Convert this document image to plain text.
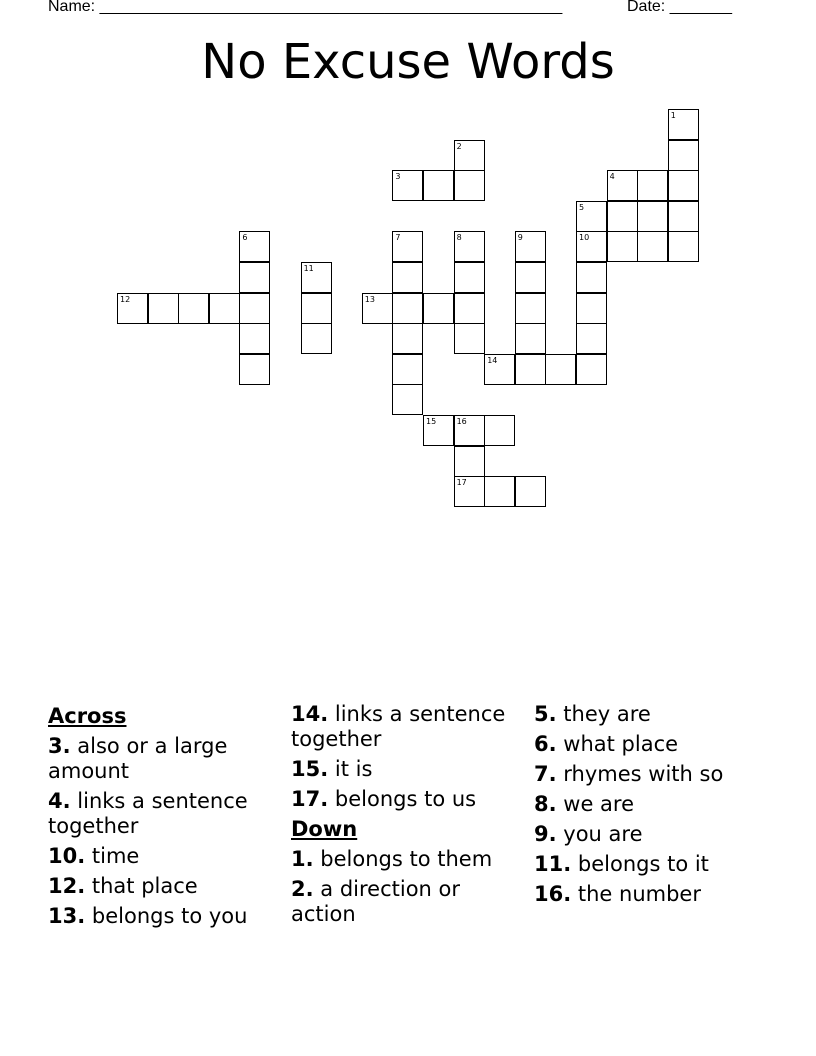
Name: ____________________________________________________	Date: _______
No Excuse Words
1
2
3	4
5
6	7	8	9	10
11
12	13
14
15	16
17
Across
3. also or a large amount
4. links a sentence together
10. time
12. that place
13. belongs to you
14. links a sentence together
15. it is
17. belongs to us
Down
1. belongs to them
2. a direction or action
5. they are
6. what place
7. rhymes with so
8. we are
9. you are
11. belongs to it
16. the number
